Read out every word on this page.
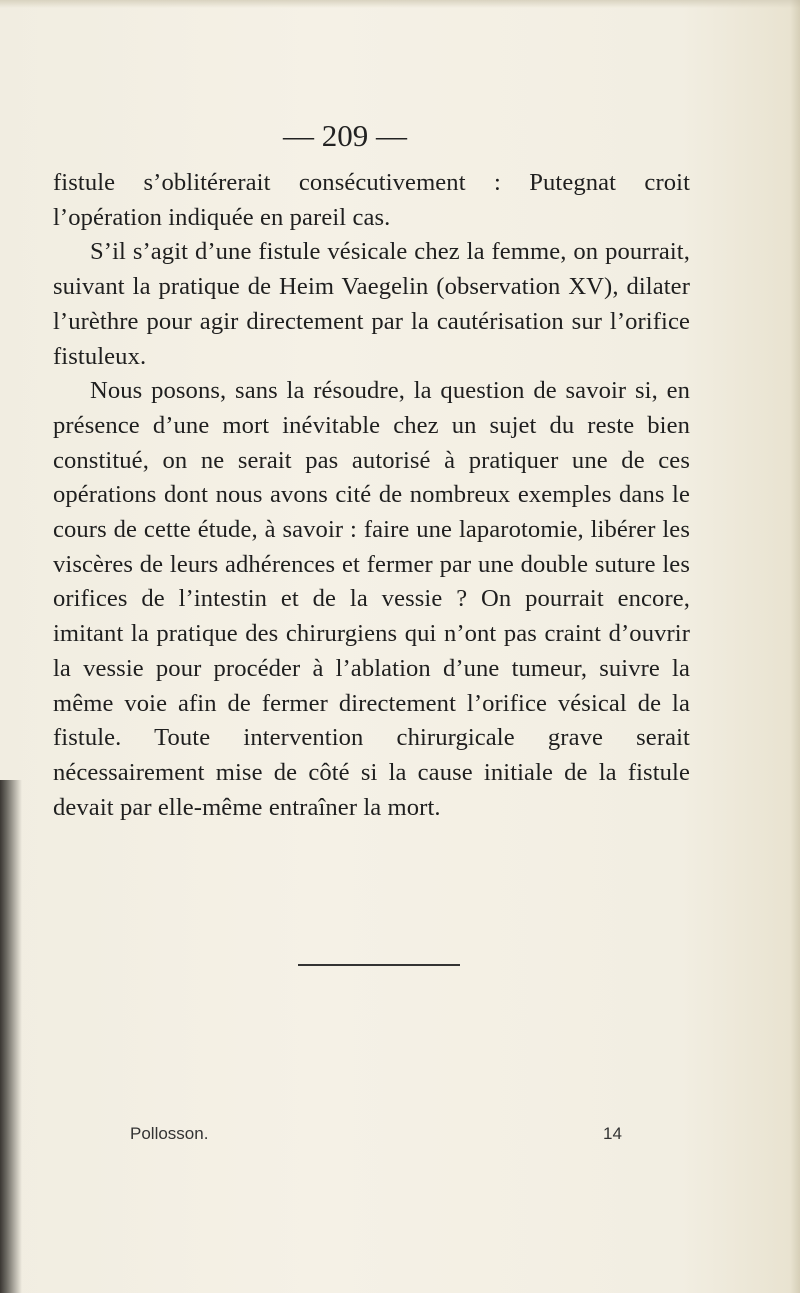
— 209 —

fistule s’oblitérerait consécutivement : Putegnat croit l’opération indiquée en pareil cas.

S’il s’agit d’une fistule vésicale chez la femme, on pourrait, suivant la pratique de Heim Vaegelin (observation XV), dilater l’urèthre pour agir directement par la cautérisation sur l’orifice fistuleux.

Nous posons, sans la résoudre, la question de savoir si, en présence d’une mort inévitable chez un sujet du reste bien constitué, on ne serait pas autorisé à pratiquer une de ces opérations dont nous avons cité de nombreux exemples dans le cours de cette étude, à savoir : faire une laparotomie, libérer les viscères de leurs adhérences et fermer par une double suture les orifices de l’intestin et de la vessie ? On pourrait encore, imitant la pratique des chirurgiens qui n’ont pas craint d’ouvrir la vessie pour procéder à l’ablation d’une tumeur, suivre la même voie afin de fermer directement l’orifice vésical de la fistule. Toute intervention chirurgicale grave serait nécessairement mise de côté si la cause initiale de la fistule devait par elle-même entraîner la mort.

Pollosson.	14
